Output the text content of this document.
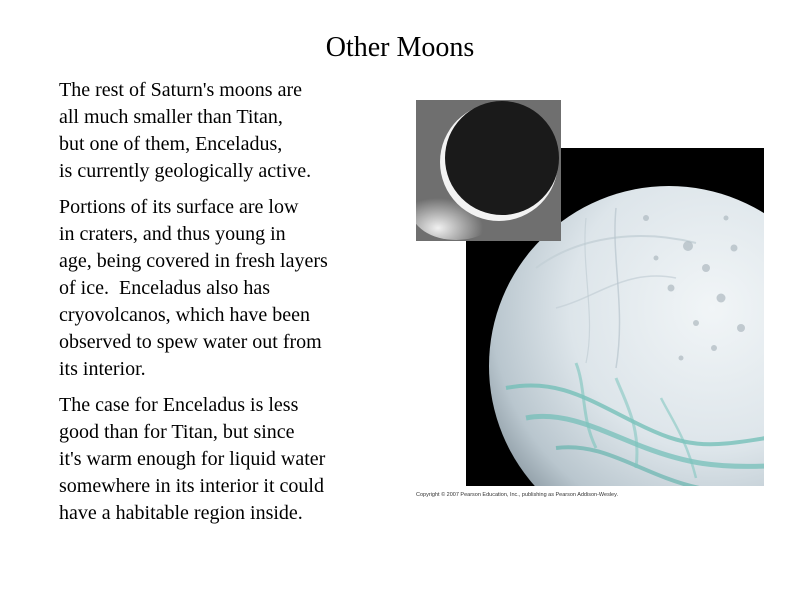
Other Moons

The rest of Saturn's moons are
all much smaller than Titan,
but one of them, Enceladus,
is currently geologically active.

Portions of its surface are low
in craters, and thus young in
age, being covered in fresh layers
of ice.  Enceladus also has
cryovolcanos, which have been
observed to spew water out from
its interior.

The case for Enceladus is less
good than for Titan, but since
it's warm enough for liquid water
somewhere in its interior it could
have a habitable region inside.

Copyright © 2007 Pearson Education, Inc., publishing as Pearson Addison-Wesley.
